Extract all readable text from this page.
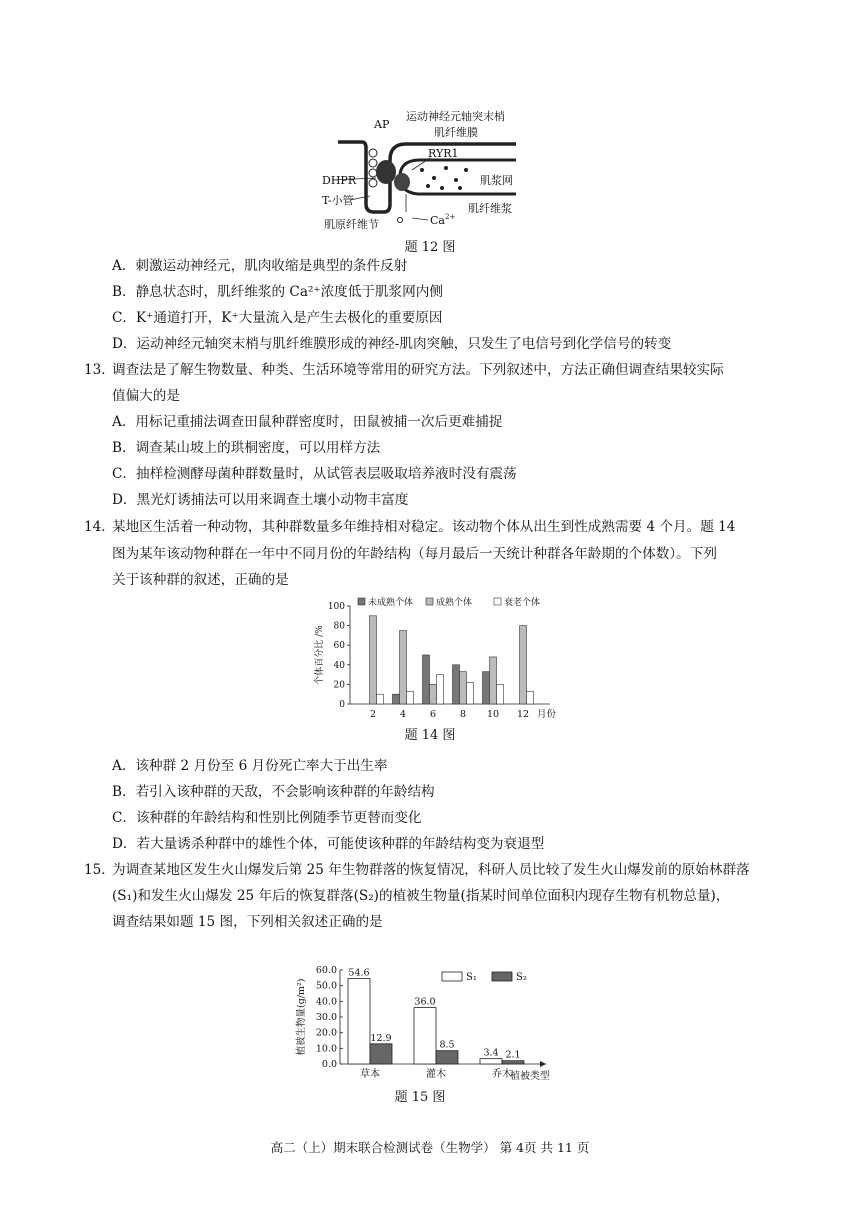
AP
运动神经元轴突末梢
肌纤维膜
RYR1
肌浆网
DHPR
T-小管
肌纤维浆
肌原纤维节	$Ca^{2+}$
题 12 图
A．刺激运动神经元，肌肉收缩是典型的条件反射
B．静息状态时，肌纤维浆的 Ca²⁺浓度低于肌浆网内侧
C．K⁺通道打开，K⁺大量流入是产生去极化的重要原因
D．运动神经元轴突末梢与肌纤维膜形成的神经-肌肉突触，只发生了电信号到化学信号的转变
13．调查法是了解生物数量、种类、生活环境等常用的研究方法。下列叙述中，方法正确但调查结果较实际
值偏大的是
A．用标记重捕法调查田鼠种群密度时，田鼠被捕一次后更难捕捉
B．调查某山坡上的珙桐密度，可以用样方法
C．抽样检测酵母菌种群数量时，从试管表层吸取培养液时没有震荡
D．黑光灯诱捕法可以用来调查土壤小动物丰富度
14．某地区生活着一种动物，其种群数量多年维持相对稳定。该动物个体从出生到性成熟需要 4 个月。题 14
图为某年该动物种群在一年中不同月份的年龄结构（每月最后一天统计种群各年龄期的个体数）。下列
关于该种群的叙述，正确的是
0
20
40
60
80
100
个体百分比 /%
2	4	6	8 10 12 月份
未成熟个体	成熟个体	衰老个体
题 14 图
A．该种群 2 月份至 6 月份死亡率大于出生率
B．若引入该种群的天敌，不会影响该种群的年龄结构
C．该种群的年龄结构和性别比例随季节更替而变化
D．若大量诱杀种群中的雄性个体，可能使该种群的年龄结构变为衰退型
15．为调查某地区发生火山爆发后第 25 年生物群落的恢复情况，科研人员比较了发生火山爆发前的原始林群落
(S₁)和发生火山爆发 25 年后的恢复群落(S₂)的植被生物量(指某时间单位面积内现存生物有机物总量)，
调查结果如题 15 图，下列相关叙述正确的是
0.0
10.0
20.0
30.0
40.0
50.0
60.0
植被生物量(g/m²)
54.6
12.9
草本
36.0
8.5
灌木
3.4 2.1
乔木
植被类型
S₁	S₂
题 15 图
高二（上）期末联合检测试卷（生物学） 第 4页 共 11 页
